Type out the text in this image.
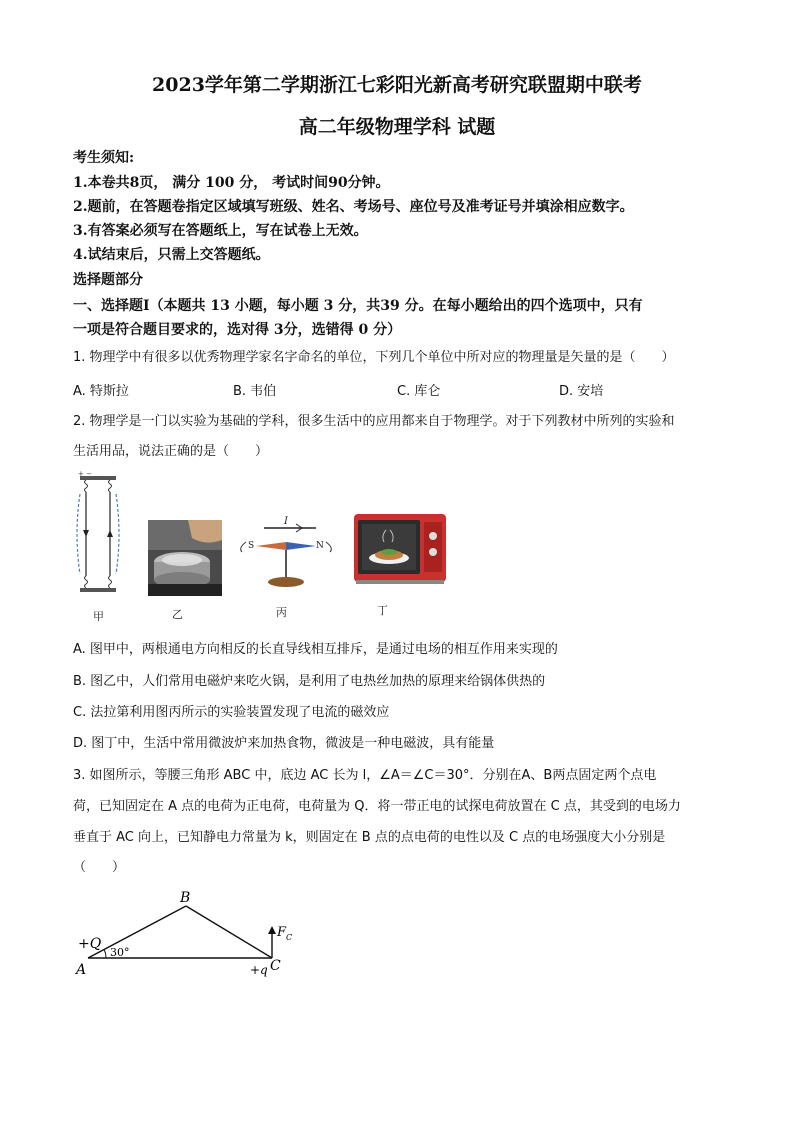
2023学年第二学期浙江七彩阳光新高考研究联盟期中联考
高二年级物理学科 试题
考生须知:
1.本卷共8页， 满分 100 分， 考试时间90分钟。
2.题前，在答题卷指定区域填写班级、姓名、考场号、座位号及准考证号并填涂相应数字。
3.有答案必须写在答题纸上，写在试卷上无效。
4.试结束后，只需上交答题纸。
选择题部分
一、选择题I（本题共 13 小题，每小题 3 分，共39 分。在每小题给出的四个选项中，只有
一项是符合题目要求的，选对得 3分，选错得 0 分）
1. 物理学中有很多以优秀物理学家名字命名的单位，下列几个单位中所对应的物理量是矢量的是（　　）
A. 特斯拉	B. 韦伯	C. 库仑	D. 安培
2. 物理学是一门以实验为基础的学科，很多生活中的应用都来自于物理学。对于下列教材中所列的实验和
生活用品，说法正确的是（　　）
+ −
甲	乙
I
S	N
丙	丁
A. 图甲中，两根通电方向相反的长直导线相互排斥，是通过电场的相互作用来实现的
B. 图乙中，人们常用电磁炉来吃火锅，是利用了电热丝加热的原理来给锅体供热的
C. 法拉第利用图丙所示的实验装置发现了电流的磁效应
D. 图丁中，生活中常用微波炉来加热食物，微波是一种电磁波，具有能量
3. 如图所示，等腰三角形 ABC 中，底边 AC 长为 l，∠A＝∠C＝30°．分别在A、B两点固定两个点电
荷，已知固定在 A 点的电荷为正电荷，电荷量为 Q．将一带正电的试探电荷放置在 C 点，其受到的电场力
垂直于 AC 向上，已知静电力常量为 k，则固定在 B 点的点电荷的电性以及 C 点的电场强度大小分别是
（　　）
B
A	C
+Q
+q
30°
F C
